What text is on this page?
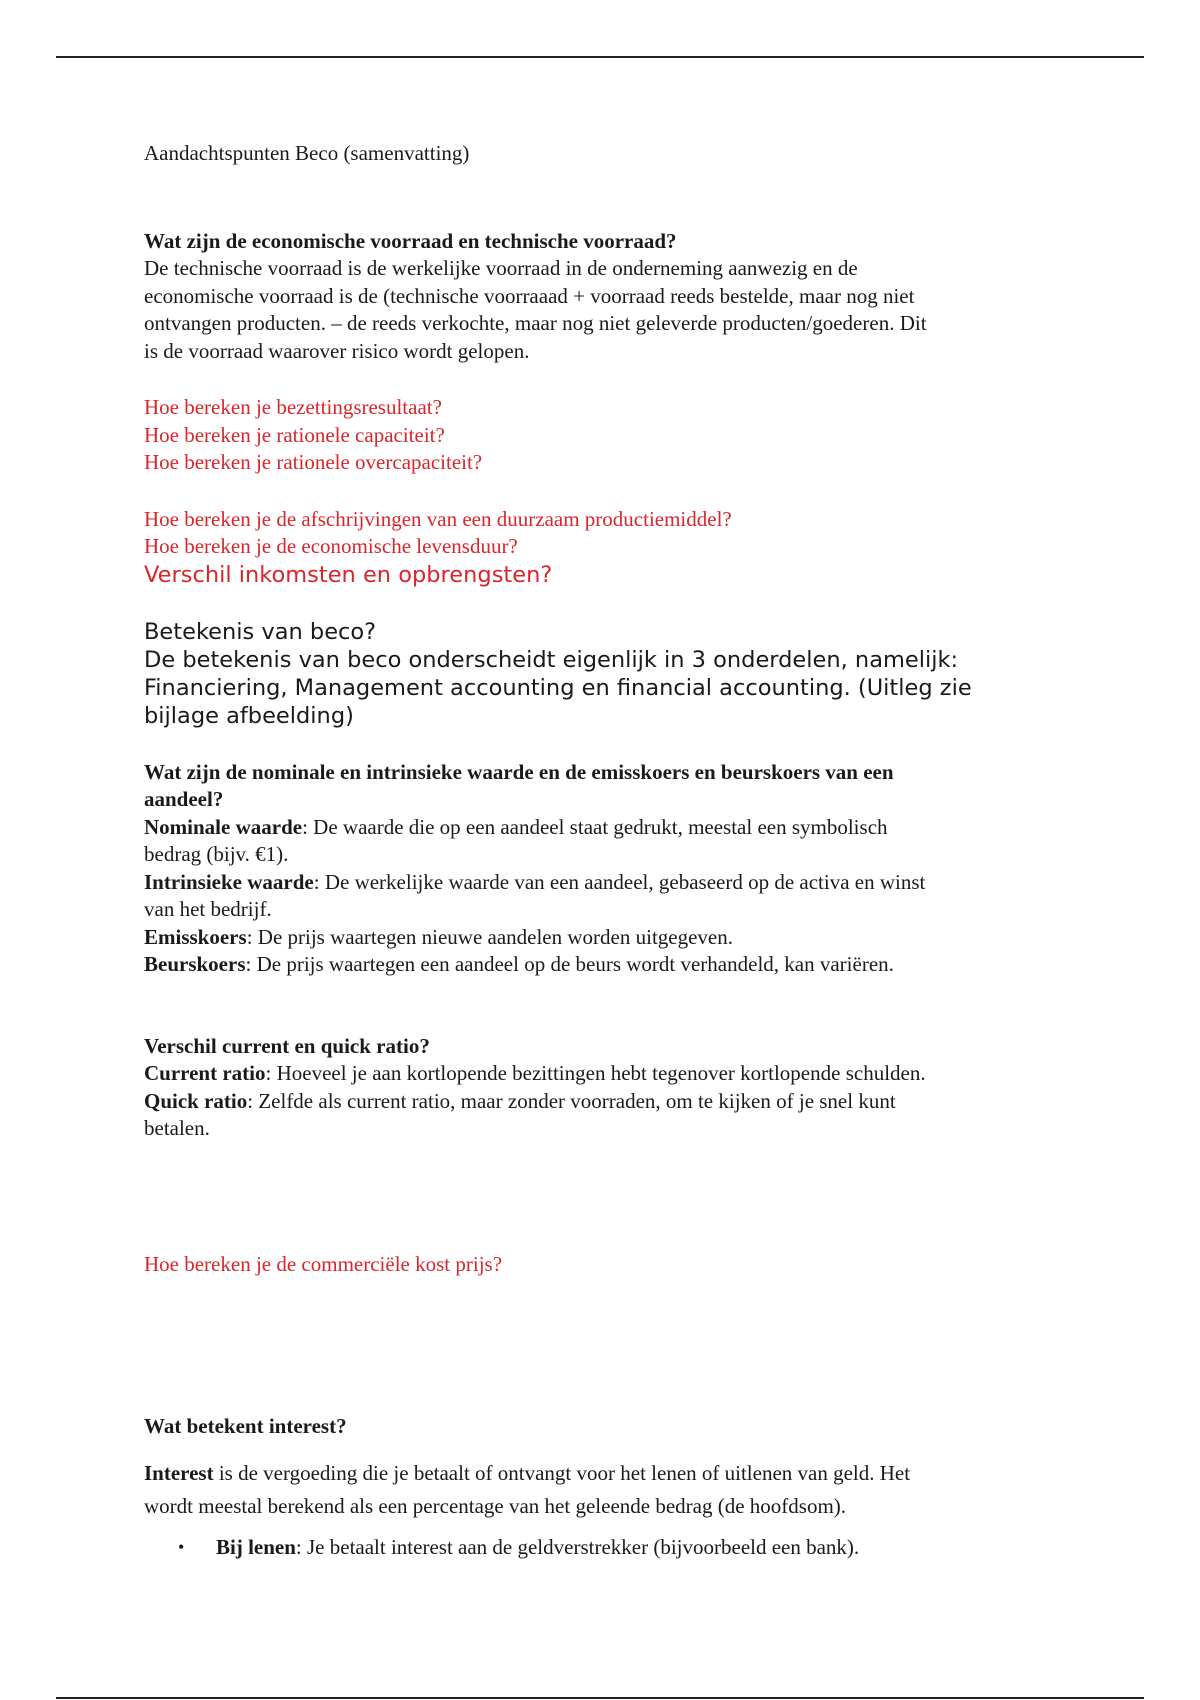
Aandachtspunten Beco (samenvatting)

Wat zijn de economische voorraad en technische voorraad?

De technische voorraad is de werkelijke voorraad in de onderneming aanwezig en de

economische voorraad is de (technische voorraaad + voorraad reeds bestelde, maar nog niet

ontvangen producten. – de reeds verkochte, maar nog niet geleverde producten/goederen. Dit

is de voorraad waarover risico wordt gelopen.

Hoe bereken je bezettingsresultaat?

Hoe bereken je rationele capaciteit?

Hoe bereken je rationele overcapaciteit?

Hoe bereken je de afschrijvingen van een duurzaam productiemiddel?

Hoe bereken je de economische levensduur?

Verschil inkomsten en opbrengsten?

Betekenis van beco?

De betekenis van beco onderscheidt eigenlijk in 3 onderdelen, namelijk:

Financiering, Management accounting en financial accounting. (Uitleg zie

bijlage afbeelding)

Wat zijn de nominale en intrinsieke waarde en de emisskoers en beurskoers van een

aandeel?

Nominale waarde: De waarde die op een aandeel staat gedrukt, meestal een symbolisch

bedrag (bijv. €1).

Intrinsieke waarde: De werkelijke waarde van een aandeel, gebaseerd op de activa en winst

van het bedrijf.

Emisskoers: De prijs waartegen nieuwe aandelen worden uitgegeven.

Beurskoers: De prijs waartegen een aandeel op de beurs wordt verhandeld, kan variëren.

Verschil current en quick ratio?

Current ratio: Hoeveel je aan kortlopende bezittingen hebt tegenover kortlopende schulden.

Quick ratio: Zelfde als current ratio, maar zonder voorraden, om te kijken of je snel kunt

betalen.

Hoe bereken je de commerciële kost prijs?

Wat betekent interest?

Interest is de vergoeding die je betaalt of ontvangt voor het lenen of uitlenen van geld. Het

wordt meestal berekend als een percentage van het geleende bedrag (de hoofdsom).

• Bij lenen: Je betaalt interest aan de geldverstrekker (bijvoorbeeld een bank).
